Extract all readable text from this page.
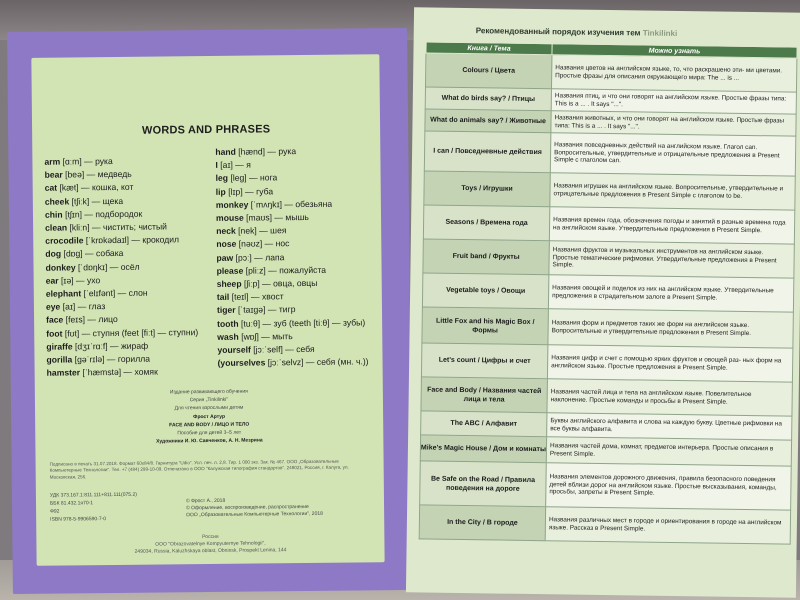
WORDS AND PHRASES
arm [ɑːm] — рука
bear [beə] — медведь
cat [kæt] — кошка, кот
cheek [tʃiːk] — щека
chin [tʃɪn] — подбородок
clean [kliːn] — чистить; чистый
crocodile [ˈkrɒkədaɪl] — крокодил
dog [dɒg] — собака
donkey [ˈdɒŋkɪ] — осёл
ear [ɪə] — ухо
elephant [ˈelɪfənt] — слон
eye [aɪ] — глаз
face [feɪs] — лицо
foot [fʊt] — ступня (feet [fiːt] — ступни)
giraffe [dʒɪˈrɑːf] — жираф
gorilla [gəˈrɪlə] — горилла
hamster [ˈhæmstə] — хомяк
hand [hænd] — рука
I [aɪ] — я
leg [leg] — нога
lip [lɪp] — губа
monkey [ˈmʌŋkɪ] — обезьяна
mouse [maʊs] — мышь
neck [nek] — шея
nose [nəʊz] — нос
paw [pɔː] — лапа
please [pliːz] — пожалуйста
sheep [ʃiːp] — овца, овцы
tail [teɪl] — хвост
tiger [ˈtaɪgə] — тигр
tooth [tuːθ] — зуб (teeth [tiːθ] — зубы)
wash [wɒʃ] — мыть
yourself [jɔːˈself] — себя
(yourselves [jɔːˈselvz] — себя (мн. ч.))
Издание развивающего обучения
Серия „Tinkilinki"
Для чтения взрослыми детям
Фрост Артур
FACE AND BODY / ЛИЦО И ТЕЛО
Пособие для детей 3–5 лет
Художники И. Ю. Савченков, А. Н. Мезрина
Подписано в печать 31.07.2018. Формат 60х84/8. Гарнитура "Udio". Усл. печ. л. 2,8. Тир. 1 000 экз. Зак. № 467. ООО „Образовательные Компьютерные Технологии". Тел. +7 (484) 299-10-09. Отпечатано в ООО "Калужская типография стандартов". 248021, Россия, г. Калуга, ул. Московская, 256.
УДК 373.167.1:811.111+811.111(075.2)
ББК 81.432.1я70-1
Ф92
ISBN 978-5-9906590-7-0
© Фрост А., 2018
© Оформление, воспроизведение, распространение
ООО „Образовательные Компьютерные Технологии", 2018
Россия
ООО "Obrazovatelnye Kompyuternye Tehnologii",
249034, Russia, Kaluzhskaya oblast, Obninsk, Prospekt Lenina, 144
Рекомендованный порядок изучения тем Tinkilinki
Книга / Тема	Можно узнать
Colours / Цвета	Названия цветов на английском языке, то, что раскрашено эти- ми цветами. Простые фразы для описания окружающего мира: The ... is ...
What do birds say? / Птицы	Названия птиц, и что они говорят на английском языке. Простые фразы типа: This is a ... . It says "...".
What do animals say? / Животные	Названия животных, и что они говорят на английском языке. Простые фразы типа: This is a ... . It says "...".
I can / Повседневные действия	Названия повседневных действий на английском языке. Глагол can. Вопросительные, утвердительные и отрицательные предложения в Present Simple с глаголом can.
Toys / Игрушки	Названия игрушек на английском языке. Вопросительные, утвердительные и отрицательные предложения в Present Simple с глаголом to be.
Seasons / Времена года	Названия времен года, обозначения погоды и занятий в разные времена года на английском языке. Утвердительные предложения в Present Simple.
Fruit band / Фрукты	Названия фруктов и музыкальных инструментов на английском языке. Простые тематические рифмовки. Утвердительные предложения в Present Simple.
Vegetable toys / Овощи	Названия овощей и поделок из них на английском языке. Утвердительные предложения в страдательном залоге в Present Simple.
Little Fox and his Magic Box / Формы	Названия форм и предметов таких же форм на английском языке. Вопросительные и утвердительные предложения в Present Simple.
Let's count / Цифры и счет	Названия цифр и счет с помощью ярких фруктов и овощей раз- ных форм на английском языке. Простые предложения в Present Simple.
Face and Body / Названия частей лица и тела	Названия частей лица и тела на английском языке. Повелительное наклонение. Простые команды и просьбы в Present Simple.
The ABC / Алфавит	Буквы английского алфавита и слова на каждую букву. Цветные рифмовки на все буквы алфавита.
Mike's Magic House / Дом и комнаты	Названия частей дома, комнат, предметов интерьера. Простые описания в Present Simple.
Be Safe on the Road / Правила поведения на дороге	Названия элементов дорожного движения, правила безопасного поведения детей вблизи дорог на английском языке. Простые высказывания, команды, просьбы, запреты в Present Simple.
In the City / В городе	Названия различных мест в городе и ориентирования в городе на английском языке. Рассказ в Present Simple.
